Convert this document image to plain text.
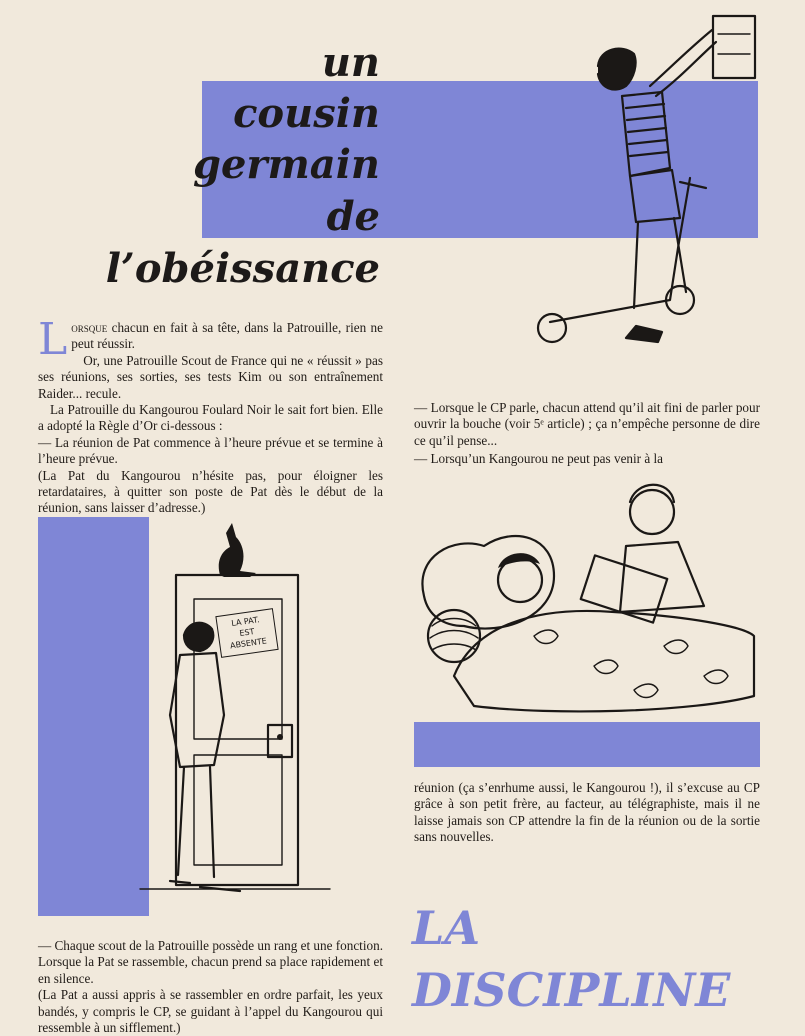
un

cousin

germain

de

l’obéissance

Lorsque chacun en fait à sa tête, dans la Patrouille, rien ne peut réussir.

Or, une Patrouille Scout de France qui ne « réussit » pas ses réunions, ses sorties, ses tests Kim ou son entraînement Raider... recule.

La Patrouille du Kangourou Foulard Noir le sait fort bien. Elle a adopté la Règle d’Or ci-dessous :

— La réunion de Pat commence à l’heure prévue et se termine à l’heure prévue.

(La Pat du Kangourou n’hésite pas, pour éloigner les retardataires, à quitter son poste de Pat dès le début de la réunion, sans laisser d’adresse.)

— Lorsque le CP parle, chacun attend qu’il ait fini de parler pour ouvrir la bouche (voir 5ᵉ article) ; ça n’empêche personne de dire ce qu’il pense...

— Lorsqu’un Kangourou ne peut pas venir à la

LA PAT.
EST
ABSENTE

réunion (ça s’enrhume aussi, le Kangourou !), il s’excuse au CP grâce à son petit frère, au facteur, au télégraphiste, mais il ne laisse jamais son CP attendre la fin de la réunion ou de la sortie sans nouvelles.

— Chaque scout de la Patrouille possède un rang et une fonction. Lorsque la Pat se rassemble, chacun prend sa place rapidement et en silence.

(La Pat a aussi appris à se rassembler en ordre parfait, les yeux bandés, y compris le CP, se guidant à l’appel du Kangourou qui ressemble à un sifflement.)

LA

DISCIPLINE
